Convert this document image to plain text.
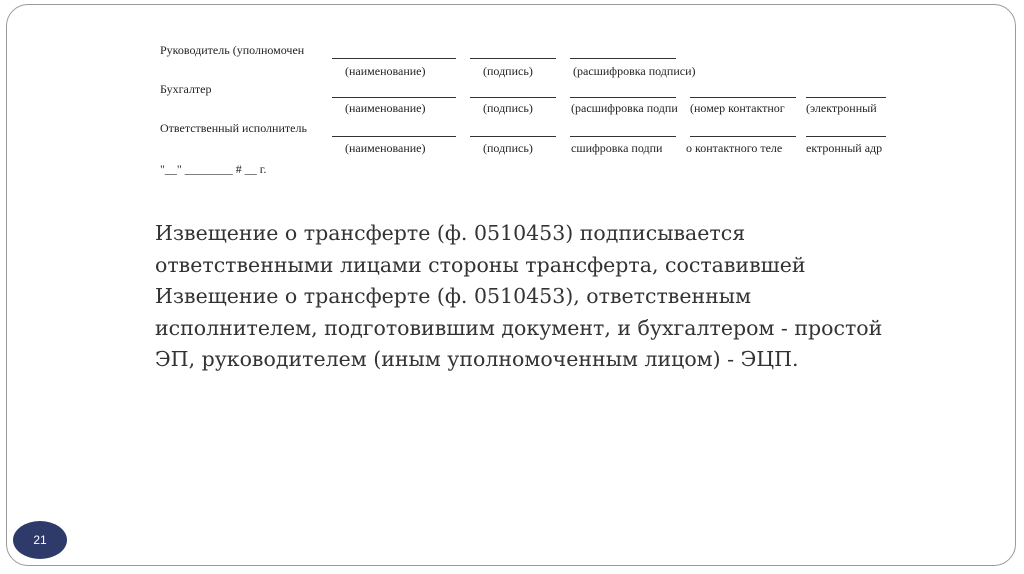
Руководитель (уполномочен
(наименование)	(подпись)	(расшифровка подписи)
Бухгалтер
(наименование)	(подпись)	(расшифровка подпи	(номер контактног	(электронный
Ответственный исполнитель
(наименование)	(подпись)	сшифровка подпи	о контактного теле	ектронный адр
"__" ________ # __ г.

Извещение о трансферте (ф. 0510453) подписывается ответственными лицами стороны трансферта, составившей Извещение о трансферте (ф. 0510453), ответственным исполнителем, подготовившим документ, и бухгалтером - простой ЭП, руководителем (иным уполномоченным лицом) - ЭЦП.

21
